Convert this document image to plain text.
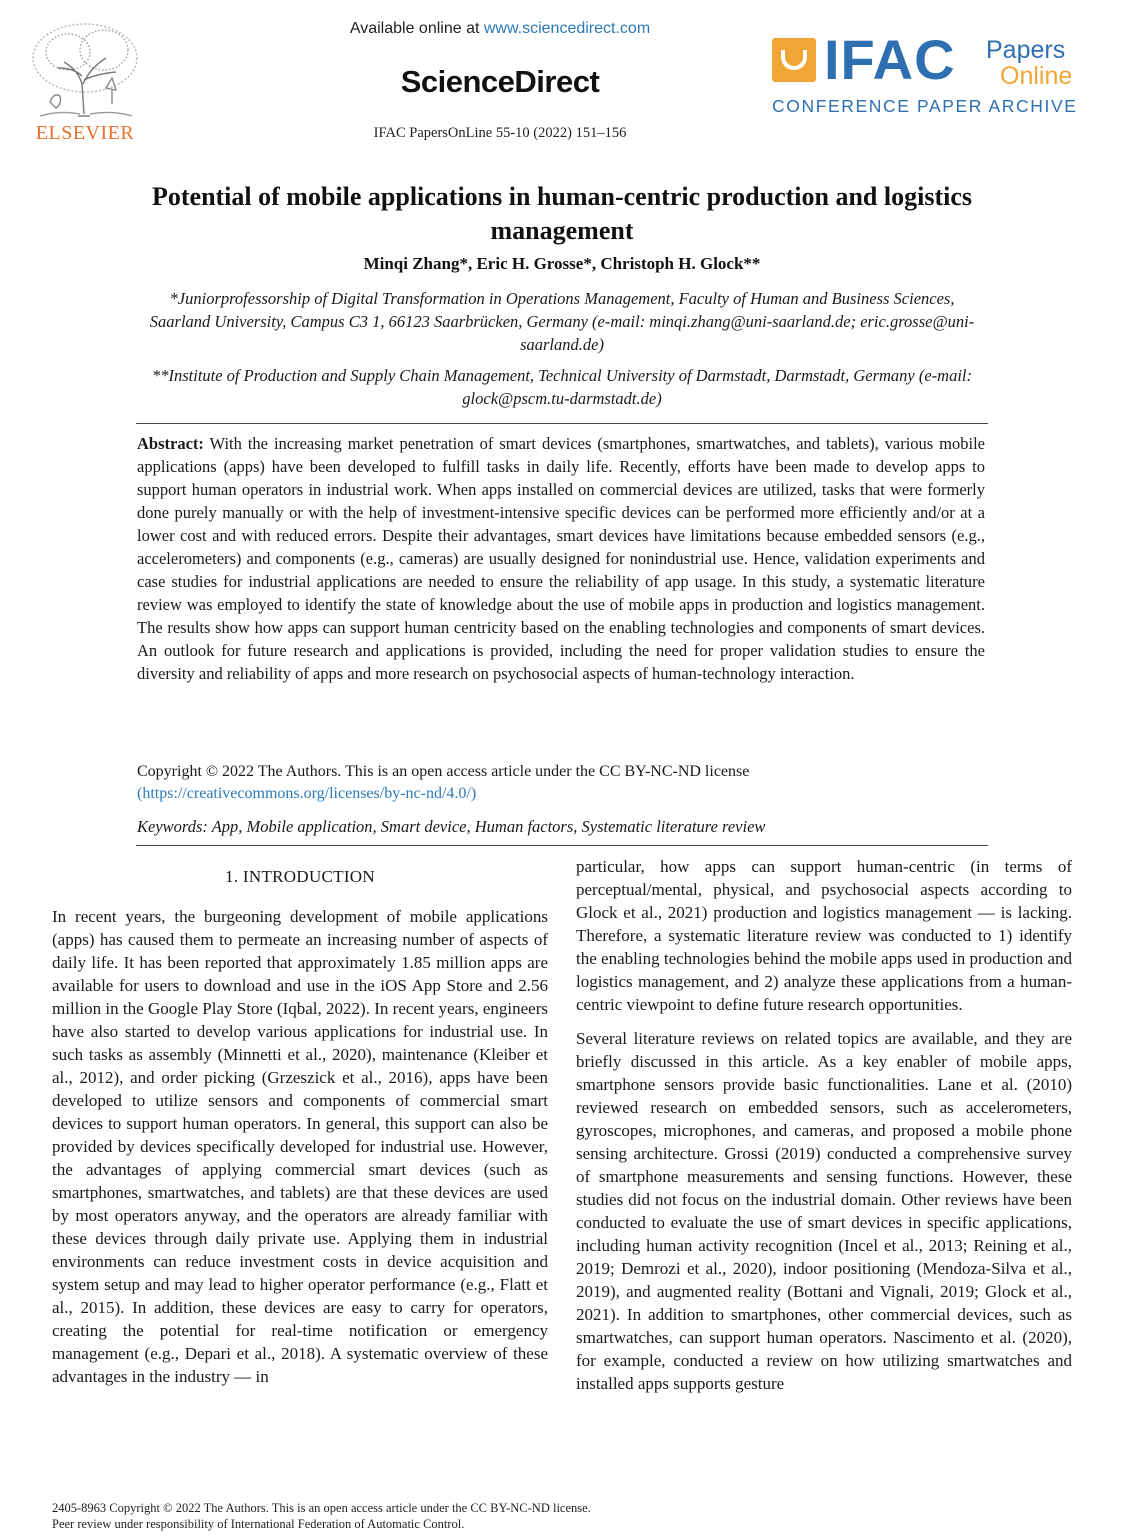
ELSEVIER
Available online at www.sciencedirect.com
ScienceDirect
IFAC PapersOnLine 55-10 (2022) 151–156
IFAC Papers
Online
CONFERENCE PAPER ARCHIVE
Potential of mobile applications in human-centric production and logistics
management
Minqi Zhang*, Eric H. Grosse*, Christoph H. Glock**
*Juniorprofessorship of Digital Transformation in Operations Management, Faculty of Human and Business Sciences,
Saarland University, Campus C3 1, 66123 Saarbrücken, Germany (e-mail: minqi.zhang@uni-saarland.de; eric.grosse@uni-
saarland.de)
**Institute of Production and Supply Chain Management, Technical University of Darmstadt, Darmstadt, Germany (e-mail:
glock@pscm.tu-darmstadt.de)
Abstract: With the increasing market penetration of smart devices (smartphones, smartwatches, and tablets), various mobile applications (apps) have been developed to fulfill tasks in daily life. Recently, efforts have been made to develop apps to support human operators in industrial work. When apps installed on commercial devices are utilized, tasks that were formerly done purely manually or with the help of investment-intensive specific devices can be performed more efficiently and/or at a lower cost and with reduced errors. Despite their advantages, smart devices have limitations because embedded sensors (e.g., accelerometers) and components (e.g., cameras) are usually designed for nonindustrial use. Hence, validation experiments and case studies for industrial applications are needed to ensure the reliability of app usage. In this study, a systematic literature review was employed to identify the state of knowledge about the use of mobile apps in production and logistics management. The results show how apps can support human centricity based on the enabling technologies and components of smart devices. An outlook for future research and applications is provided, including the need for proper validation studies to ensure the diversity and reliability of apps and more research on psychosocial aspects of human-technology interaction.
Copyright © 2022 The Authors. This is an open access article under the CC BY-NC-ND license
(https://creativecommons.org/licenses/by-nc-nd/4.0/)
Keywords: App, Mobile application, Smart device, Human factors, Systematic literature review
1. INTRODUCTION

In recent years, the burgeoning development of mobile applications (apps) has caused them to permeate an increasing number of aspects of daily life. It has been reported that approximately 1.85 million apps are available for users to download and use in the iOS App Store and 2.56 million in the Google Play Store (Iqbal, 2022). In recent years, engineers have also started to develop various applications for industrial use. In such tasks as assembly (Minnetti et al., 2020), maintenance (Kleiber et al., 2012), and order picking (Grzeszick et al., 2016), apps have been developed to utilize sensors and components of commercial smart devices to support human operators. In general, this support can also be provided by devices specifically developed for industrial use. However, the advantages of applying commercial smart devices (such as smartphones, smartwatches, and tablets) are that these devices are used by most operators anyway, and the operators are already familiar with these devices through daily private use. Applying them in industrial environments can reduce investment costs in device acquisition and system setup and may lead to higher operator performance (e.g., Flatt et al., 2015). In addition, these devices are easy to carry for operators, creating the potential for real-time notification or emergency management (e.g., Depari et al., 2018). A systematic overview of these advantages in the industry — in

particular, how apps can support human-centric (in terms of perceptual/mental, physical, and psychosocial aspects according to Glock et al., 2021) production and logistics management — is lacking. Therefore, a systematic literature review was conducted to 1) identify the enabling technologies behind the mobile apps used in production and logistics management, and 2) analyze these applications from a human-centric viewpoint to define future research opportunities.

Several literature reviews on related topics are available, and they are briefly discussed in this article. As a key enabler of mobile apps, smartphone sensors provide basic functionalities. Lane et al. (2010) reviewed research on embedded sensors, such as accelerometers, gyroscopes, microphones, and cameras, and proposed a mobile phone sensing architecture. Grossi (2019) conducted a comprehensive survey of smartphone measurements and sensing functions. However, these studies did not focus on the industrial domain. Other reviews have been conducted to evaluate the use of smart devices in specific applications, including human activity recognition (Incel et al., 2013; Reining et al., 2019; Demrozi et al., 2020), indoor positioning (Mendoza-Silva et al., 2019), and augmented reality (Bottani and Vignali, 2019; Glock et al., 2021). In addition to smartphones, other commercial devices, such as smartwatches, can support human operators. Nascimento et al. (2020), for example, conducted a review on how utilizing smartwatches and installed apps supports gesture

2405-8963 Copyright © 2022 The Authors. This is an open access article under the CC BY-NC-ND license.
Peer review under responsibility of International Federation of Automatic Control.
